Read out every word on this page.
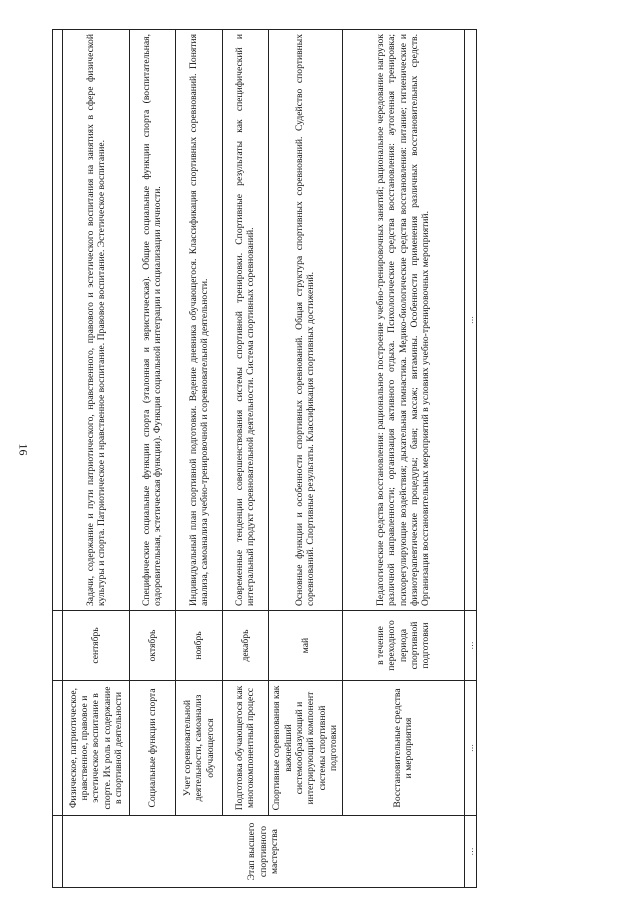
16

Этап высшего спортивного мастерства	Физическое, патриотическое, нравственное, правовое и эстетическое воспитание в спорте. Их роль и содержание в спортивной деятельности	сентябрь	Задачи, содержание и пути патриотического, нравственного, правового и эстетического воспитания на занятиях в сфере физической культуры и спорта. Патриотическое и нравственное воспитание. Правовое воспитание. Эстетическое воспитание.
	Социальные функции спорта	октябрь	Специфические социальные функции спорта (эталонная и эвристическая). Общие социальные функции спорта (воспитательная, оздоровительная, эстетическая функции). Функция социальной интеграции и социализации личности.
	Учет соревновательной деятельности, самоанализ обучающегося	ноябрь	Индивидуальный план спортивной подготовки. Ведение дневника обучающегося. Классификация спортивных соревнований. Понятия анализа, самоанализа учебно-тренировочной и соревновательной деятельности.
	Подготовка обучающегося как многокомпонентный процесс	декабрь	Современные тенденции совершенствования системы спортивной тренировки. Спортивные результаты как специфический и интегральный продукт соревновательной деятельности. Система спортивных соревнований.
	Спортивные соревнования как важнейший системообразующий и интегрирующий компонент системы спортивной подготовки	май	Основные функции и особенности спортивных соревнований. Общая структура спортивных соревнований. Судейство спортивных соревнований. Спортивные результаты. Классификация спортивных достижений.
	Восстановительные средства и мероприятия	в течение переходного периода спортивной подготовки	Педагогические средства восстановления: рациональное построение учебно-тренировочных занятий; рациональное чередование нагрузок различной направленности; организация активного отдыха. Психологические средства восстановления: аутогенная тренировка; психорегулирующие воздействия; дыхательная гимнастика. Медико-биологические средства восстановления: питание; гигиенические и физиотерапевтические процедуры; баня; массаж; витамины. Особенности применения различных восстановительных средств. Организация восстановительных мероприятий в условиях учебно-тренировочных мероприятий.
…	…	…	…
